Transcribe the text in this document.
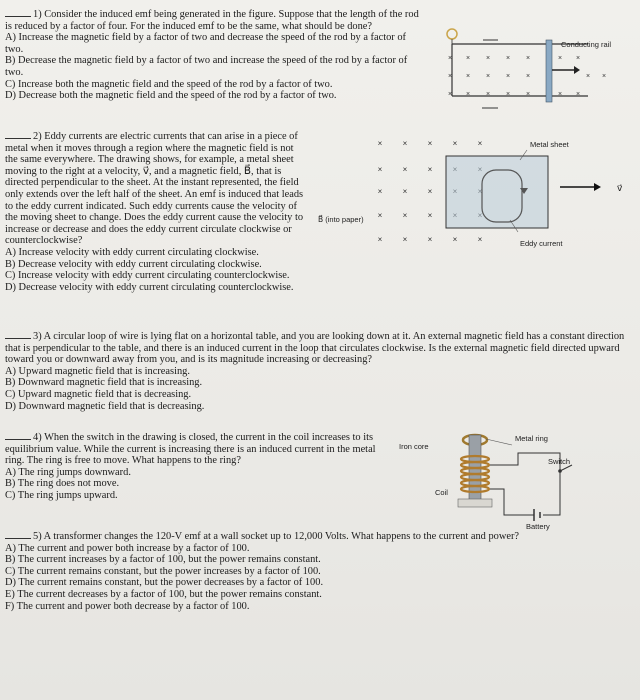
1) Consider the induced emf being generated in the figure. Suppose that the length of the rod is reduced by a factor of four. For the induced emf to be the same, what should be done?

A) Increase the magnetic field by a factor of two and decrease the speed of the rod by a factor of two.
B) Decrease the magnetic field by a factor of two and increase the speed of the rod by a factor of two.
C) Increase both the magnetic field and the speed of the rod by a factor of two.
D) Decrease both the magnetic field and the speed of the rod by a factor of two.
× × × × ×	× ×
× × × × ×	× ×
× × × × ×	× ×
Conducting rail

2) Eddy currents are electric currents that can arise in a piece of metal when it moves through a region where the magnetic field is not the same everywhere. The drawing shows, for example, a metal sheet moving to the right at a velocity, v⃗, and a magnetic field, B⃗, that is directed perpendicular to the sheet. At the instant represented, the field only extends over the left half of the sheet. An emf is induced that leads to the eddy current indicated. Such eddy currents cause the velocity of the moving sheet to change. Does the eddy current cause the velocity to increase or decrease and does the eddy current circulate clockwise or counterclockwise?

A) Increase velocity with eddy current circulating clockwise.
B) Decrease velocity with eddy current circulating clockwise.
C) Increase velocity with eddy current circulating counterclockwise.
D) Decrease velocity with eddy current circulating counterclockwise.
×	×	×	×	×
×	×	×
×	×	×
×	×	×
×	×	×	×	×
Metal sheet
B⃗ (into paper)
Eddy current
v⃗

3) A circular loop of wire is lying flat on a horizontal table, and you are looking down at it. An external magnetic field has a constant direction that is perpendicular to the table, and there is an induced current in the loop that circulates clockwise. Is the external magnetic field directed upward toward you or downward away from you, and is its magnitude increasing or decreasing?

A) Upward magnetic field that is increasing.
B) Downward magnetic field that is increasing.
C) Upward magnetic field that is decreasing.
D) Downward magnetic field that is decreasing.

4) When the switch in the drawing is closed, the current in the coil increases to its equilibrium value. While the current is increasing there is an induced current in the metal ring. The ring is free to move. What happens to the ring?

A) The ring jumps downward.
B) The ring does not move.
C) The ring jumps upward.
Metal ring
Iron core
Switch
Coil
Battery

5) A transformer changes the 120-V emf at a wall socket up to 12,000 Volts. What happens to the current and power?

A) The current and power both increase by a factor of 100.
B) The current increases by a factor of 100, but the power remains constant.
C) The current remains constant, but the power increases by a factor of 100.
D) The current remains constant, but the power decreases by a factor of 100.
E) The current decreases by a factor of 100, but the power remains constant.
F) The current and power both decrease by a factor of 100.
